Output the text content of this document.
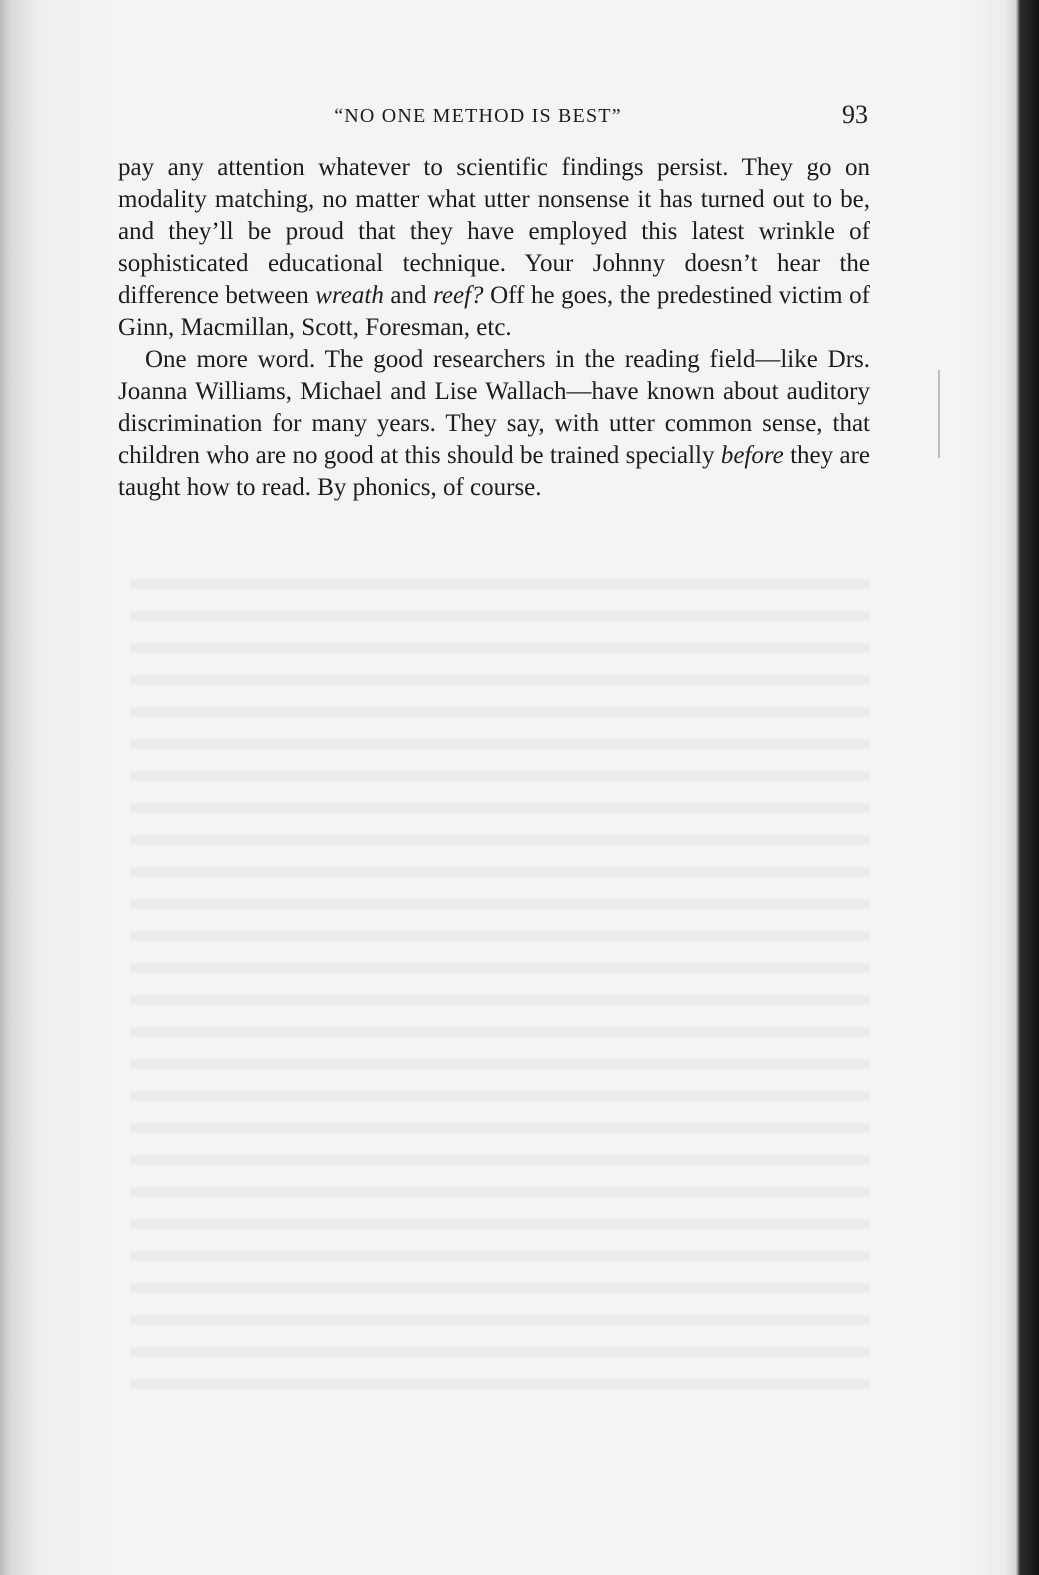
“NO ONE METHOD IS BEST”	93

pay any attention whatever to scientific findings persist. They go on modality matching, no matter what utter nonsense it has turned out to be, and they’ll be proud that they have employed this latest wrinkle of sophisticated educational technique. Your Johnny doesn’t hear the difference between wreath and reef? Off he goes, the predestined victim of Ginn, Macmillan, Scott, Foresman, etc.

One more word. The good researchers in the reading field—like Drs. Joanna Williams, Michael and Lise Wallach—have known about auditory discrimination for many years. They say, with utter common sense, that children who are no good at this should be trained specially before they are taught how to read. By phonics, of course.
